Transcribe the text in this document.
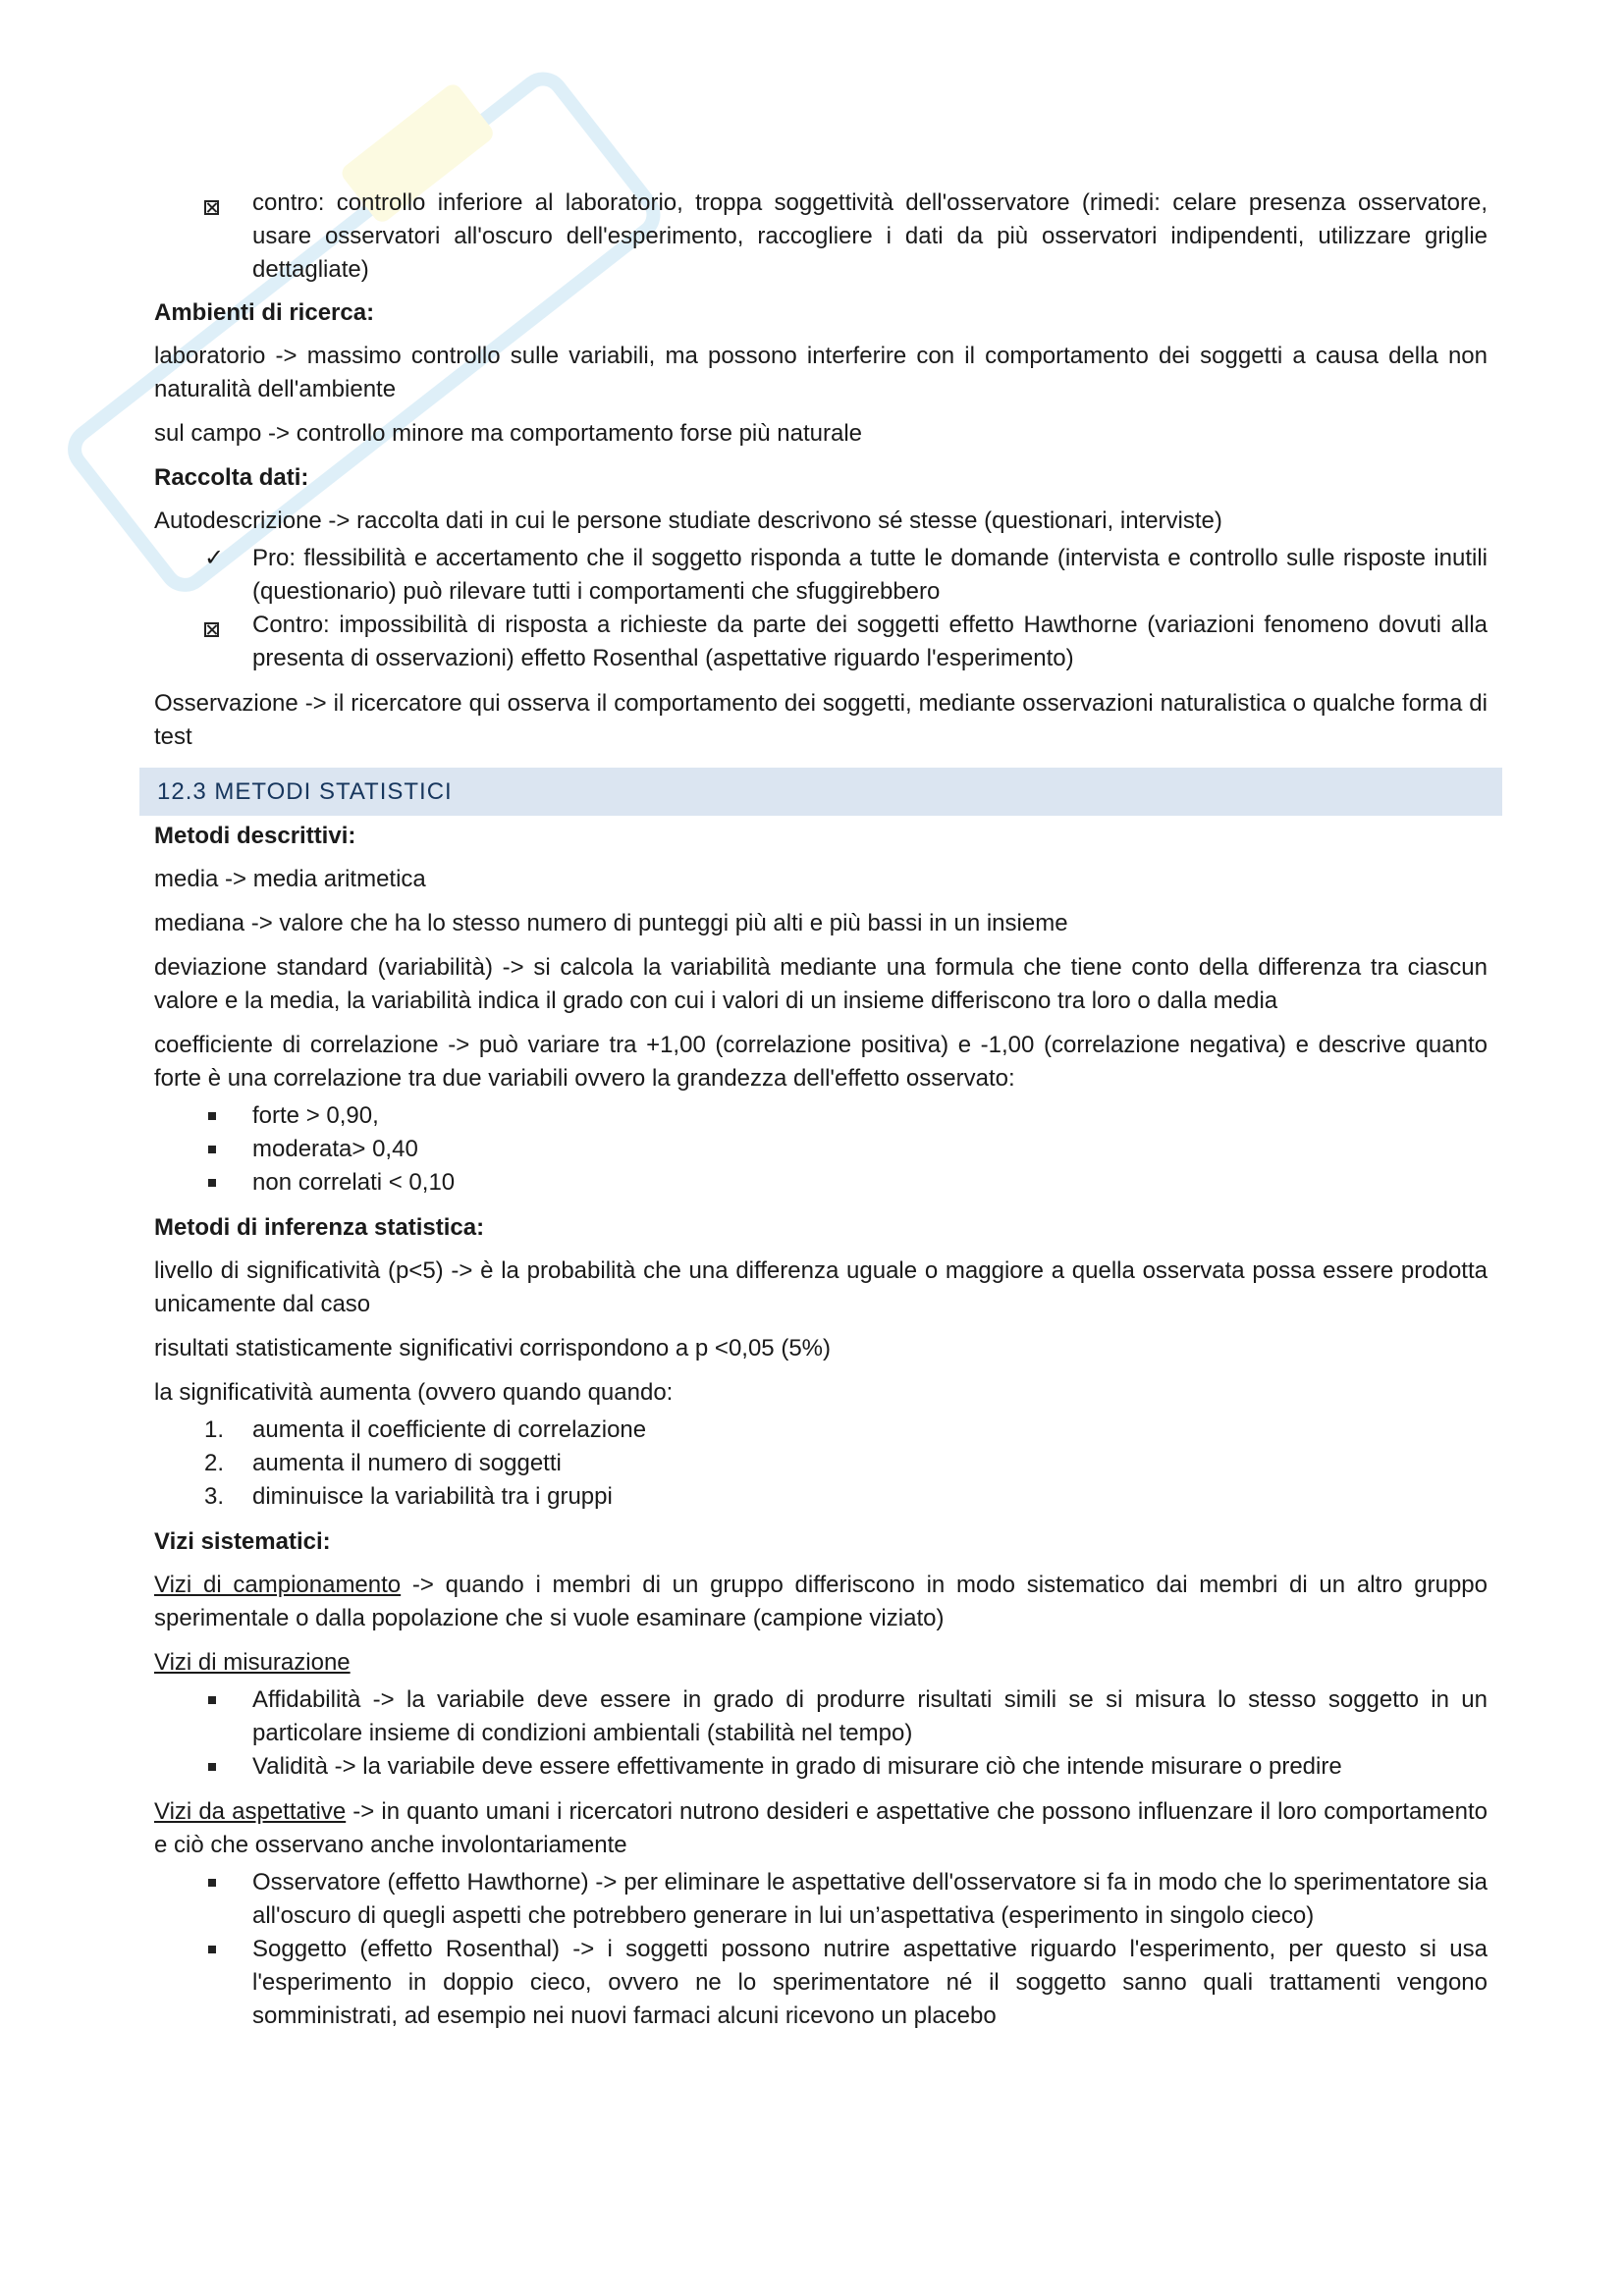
contro: controllo inferiore al laboratorio, troppa soggettività dell'osservatore (rimedi: celare presenza osservatore, usare osservatori all'oscuro dell'esperimento, raccogliere i dati da più osservatori indipendenti, utilizzare griglie dettagliate)

Ambienti di ricerca:

laboratorio -> massimo controllo sulle variabili, ma possono interferire con il comportamento dei soggetti a causa della non naturalità dell'ambiente

sul campo -> controllo minore ma comportamento forse più naturale

Raccolta dati:

Autodescrizione -> raccolta dati in cui le persone studiate descrivono sé stesse (questionari, interviste)

✓	Pro: flessibilità e accertamento che il soggetto risponda a tutte le domande (intervista e controllo sulle risposte inutili (questionario) può rilevare tutti i comportamenti che sfuggirebbero
Contro: impossibilità di risposta a richieste da parte dei soggetti effetto Hawthorne (variazioni fenomeno dovuti alla presenta di osservazioni) effetto Rosenthal (aspettative riguardo l'esperimento)

Osservazione -> il ricercatore qui osserva il comportamento dei soggetti, mediante osservazioni naturalistica o qualche forma di test

12.3 METODI STATISTICI

Metodi descrittivi:

media -> media aritmetica

mediana -> valore che ha lo stesso numero di punteggi più alti e più bassi in un insieme

deviazione standard (variabilità) -> si calcola la variabilità mediante una formula che tiene conto della differenza tra ciascun valore e la media, la variabilità indica il grado con cui i valori di un insieme differiscono tra loro o dalla media

coefficiente di correlazione -> può variare tra +1,00 (correlazione positiva) e -1,00 (correlazione negativa) e descrive quanto forte è una correlazione tra due variabili ovvero la grandezza dell'effetto osservato:

forte > 0,90,
moderata> 0,40
non correlati < 0,10

Metodi di inferenza statistica:

livello di significatività (p<5) -> è la probabilità che una differenza uguale o maggiore a quella osservata possa essere prodotta unicamente dal caso

risultati statisticamente significativi corrispondono a p <0,05 (5%)

la significatività aumenta (ovvero quando quando:

1.	aumenta il coefficiente di correlazione
2.	aumenta il numero di soggetti
3.	diminuisce la variabilità tra i gruppi

Vizi sistematici:

Vizi di campionamento -> quando i membri di un gruppo differiscono in modo sistematico dai membri di un altro gruppo sperimentale o dalla popolazione che si vuole esaminare (campione viziato)

Vizi di misurazione

Affidabilità -> la variabile deve essere in grado di produrre risultati simili se si misura lo stesso soggetto in un particolare insieme di condizioni ambientali (stabilità nel tempo)
Validità -> la variabile deve essere effettivamente in grado di misurare ciò che intende misurare o predire

Vizi da aspettative -> in quanto umani i ricercatori nutrono desideri e aspettative che possono influenzare il loro comportamento e ciò che osservano anche involontariamente

Osservatore (effetto Hawthorne) -> per eliminare le aspettative dell'osservatore si fa in modo che lo sperimentatore sia all'oscuro di quegli aspetti che potrebbero generare in lui un’aspettativa (esperimento in singolo cieco)
Soggetto (effetto Rosenthal) -> i soggetti possono nutrire aspettative riguardo l'esperimento, per questo si usa l'esperimento in doppio cieco, ovvero ne lo sperimentatore né il soggetto sanno quali trattamenti vengono somministrati, ad esempio nei nuovi farmaci alcuni ricevono un placebo
